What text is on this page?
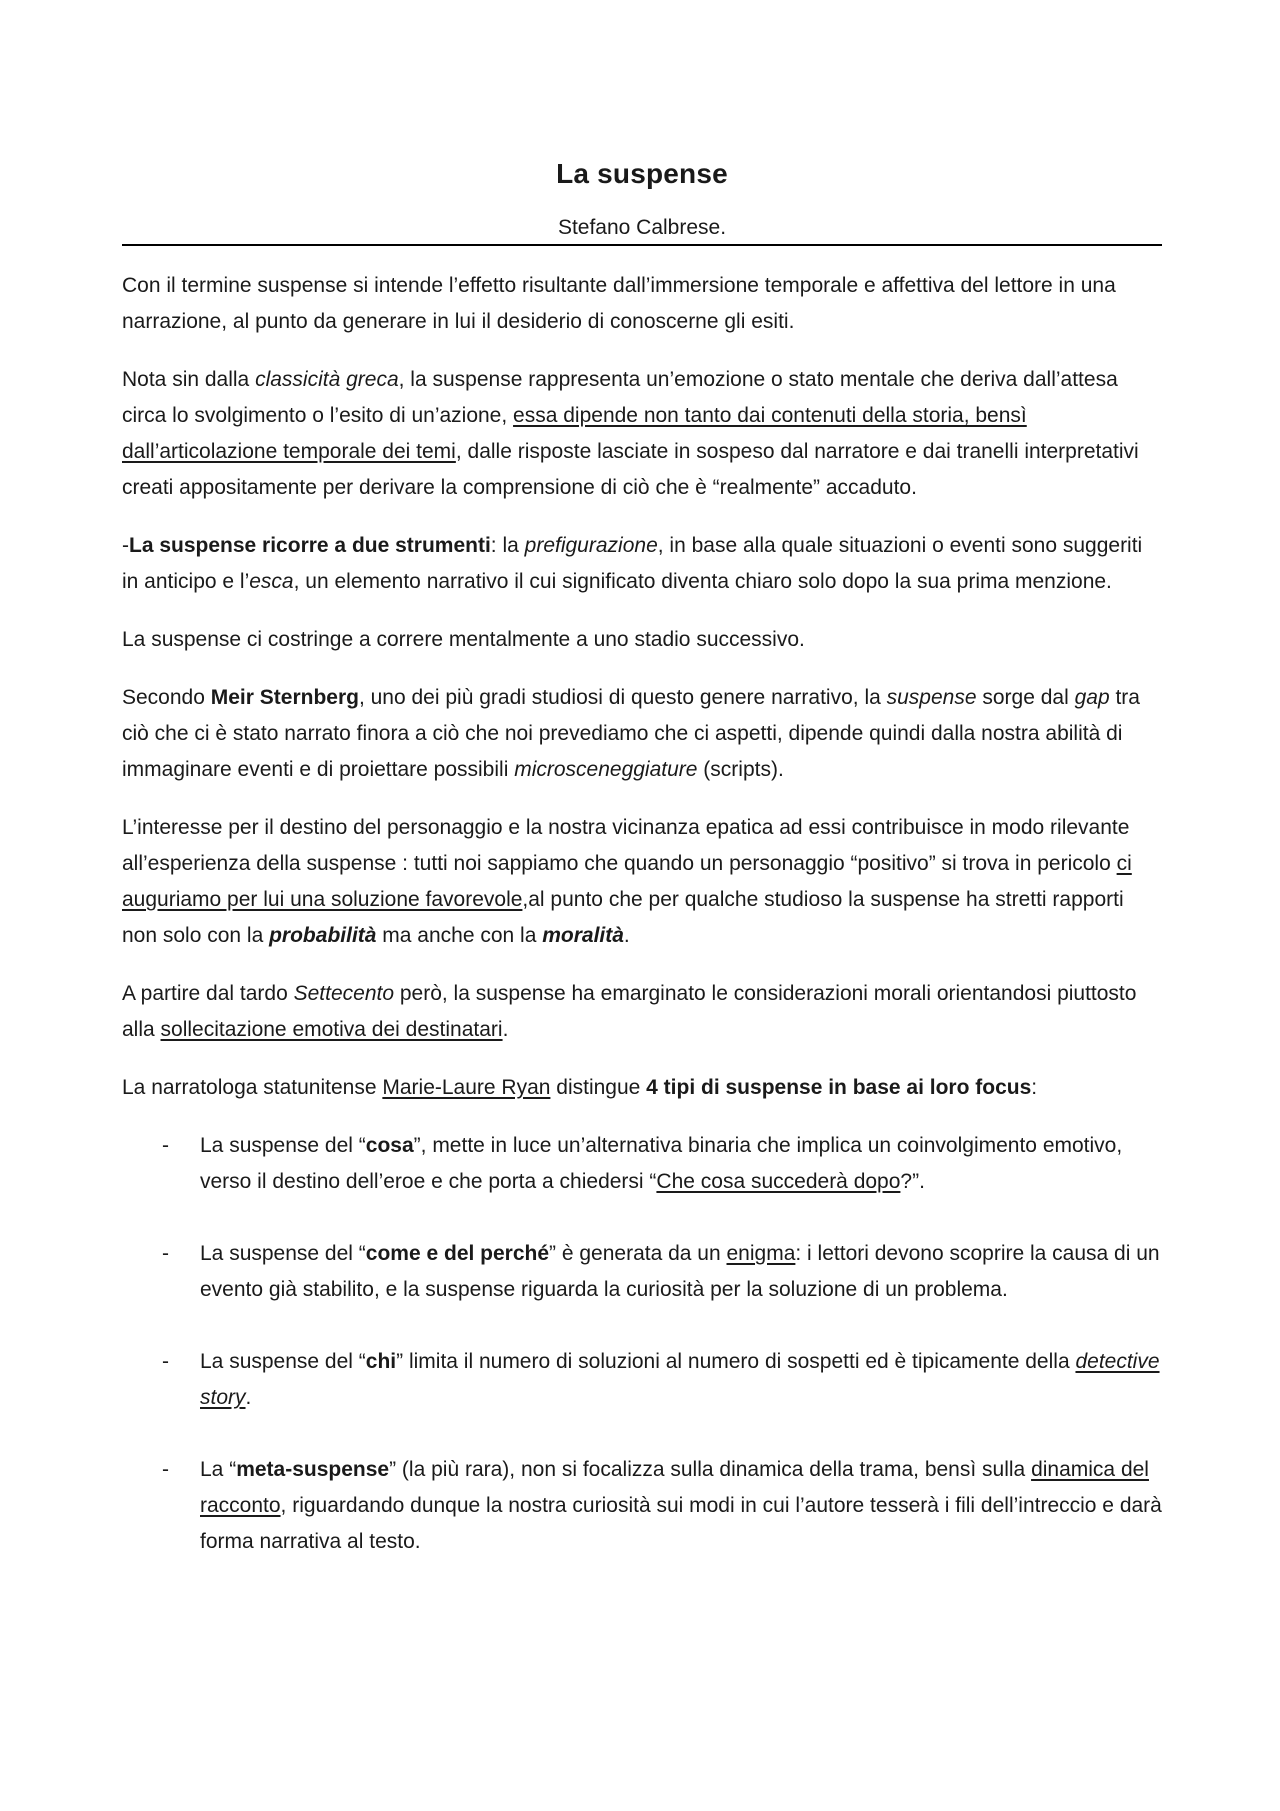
La suspense
Stefano Calbrese.

Con il termine suspense si intende l’effetto risultante dall’immersione temporale e affettiva del lettore in una narrazione, al punto da generare in lui il desiderio di conoscerne gli esiti.

Nota sin dalla classicità greca, la suspense rappresenta un’emozione o stato mentale che deriva dall’attesa circa lo svolgimento o l’esito di un’azione, essa dipende non tanto dai contenuti della storia, bensì dall’articolazione temporale dei temi, dalle risposte lasciate in sospeso dal narratore e dai tranelli interpretativi creati appositamente per derivare la comprensione di ciò che è “realmente” accaduto.

-La suspense ricorre a due strumenti: la prefigurazione, in base alla quale situazioni o eventi sono suggeriti in anticipo e l’esca, un elemento narrativo il cui significato diventa chiaro solo dopo la sua prima menzione.

La suspense ci costringe a correre mentalmente a uno stadio successivo.

Secondo Meir Sternberg, uno dei più gradi studiosi di questo genere narrativo, la suspense sorge dal gap tra ciò che ci è stato narrato finora a ciò che noi prevediamo che ci aspetti, dipende quindi dalla nostra abilità di immaginare eventi e di proiettare possibili microsceneggiature (scripts).

L’interesse per il destino del personaggio e la nostra vicinanza epatica ad essi contribuisce in modo rilevante all’esperienza della suspense : tutti noi sappiamo che quando un personaggio “positivo” si trova in pericolo ci auguriamo per lui una soluzione favorevole,al punto che per qualche studioso la suspense ha stretti rapporti non solo con la probabilità ma anche con la moralità.

A partire dal tardo Settecento però, la suspense ha emarginato le considerazioni morali orientandosi piuttosto alla sollecitazione emotiva dei destinatari.

La narratologa statunitense Marie-Laure Ryan distingue 4 tipi di suspense in base ai loro focus:

- La suspense del “cosa”, mette in luce un’alternativa binaria che implica un coinvolgimento emotivo, verso il destino dell’eroe e che porta a chiedersi “Che cosa succederà dopo?”.
- La suspense del “come e del perché” è generata da un enigma: i lettori devono scoprire la causa di un evento già stabilito, e la suspense riguarda la curiosità per la soluzione di un problema.
- La suspense del “chi” limita il numero di soluzioni al numero di sospetti ed è tipicamente della detective story.
- La “meta-suspense” (la più rara), non si focalizza sulla dinamica della trama, bensì sulla dinamica del racconto, riguardando dunque la nostra curiosità sui modi in cui l’autore tesserà i fili dell’intreccio e darà forma narrativa al testo.
